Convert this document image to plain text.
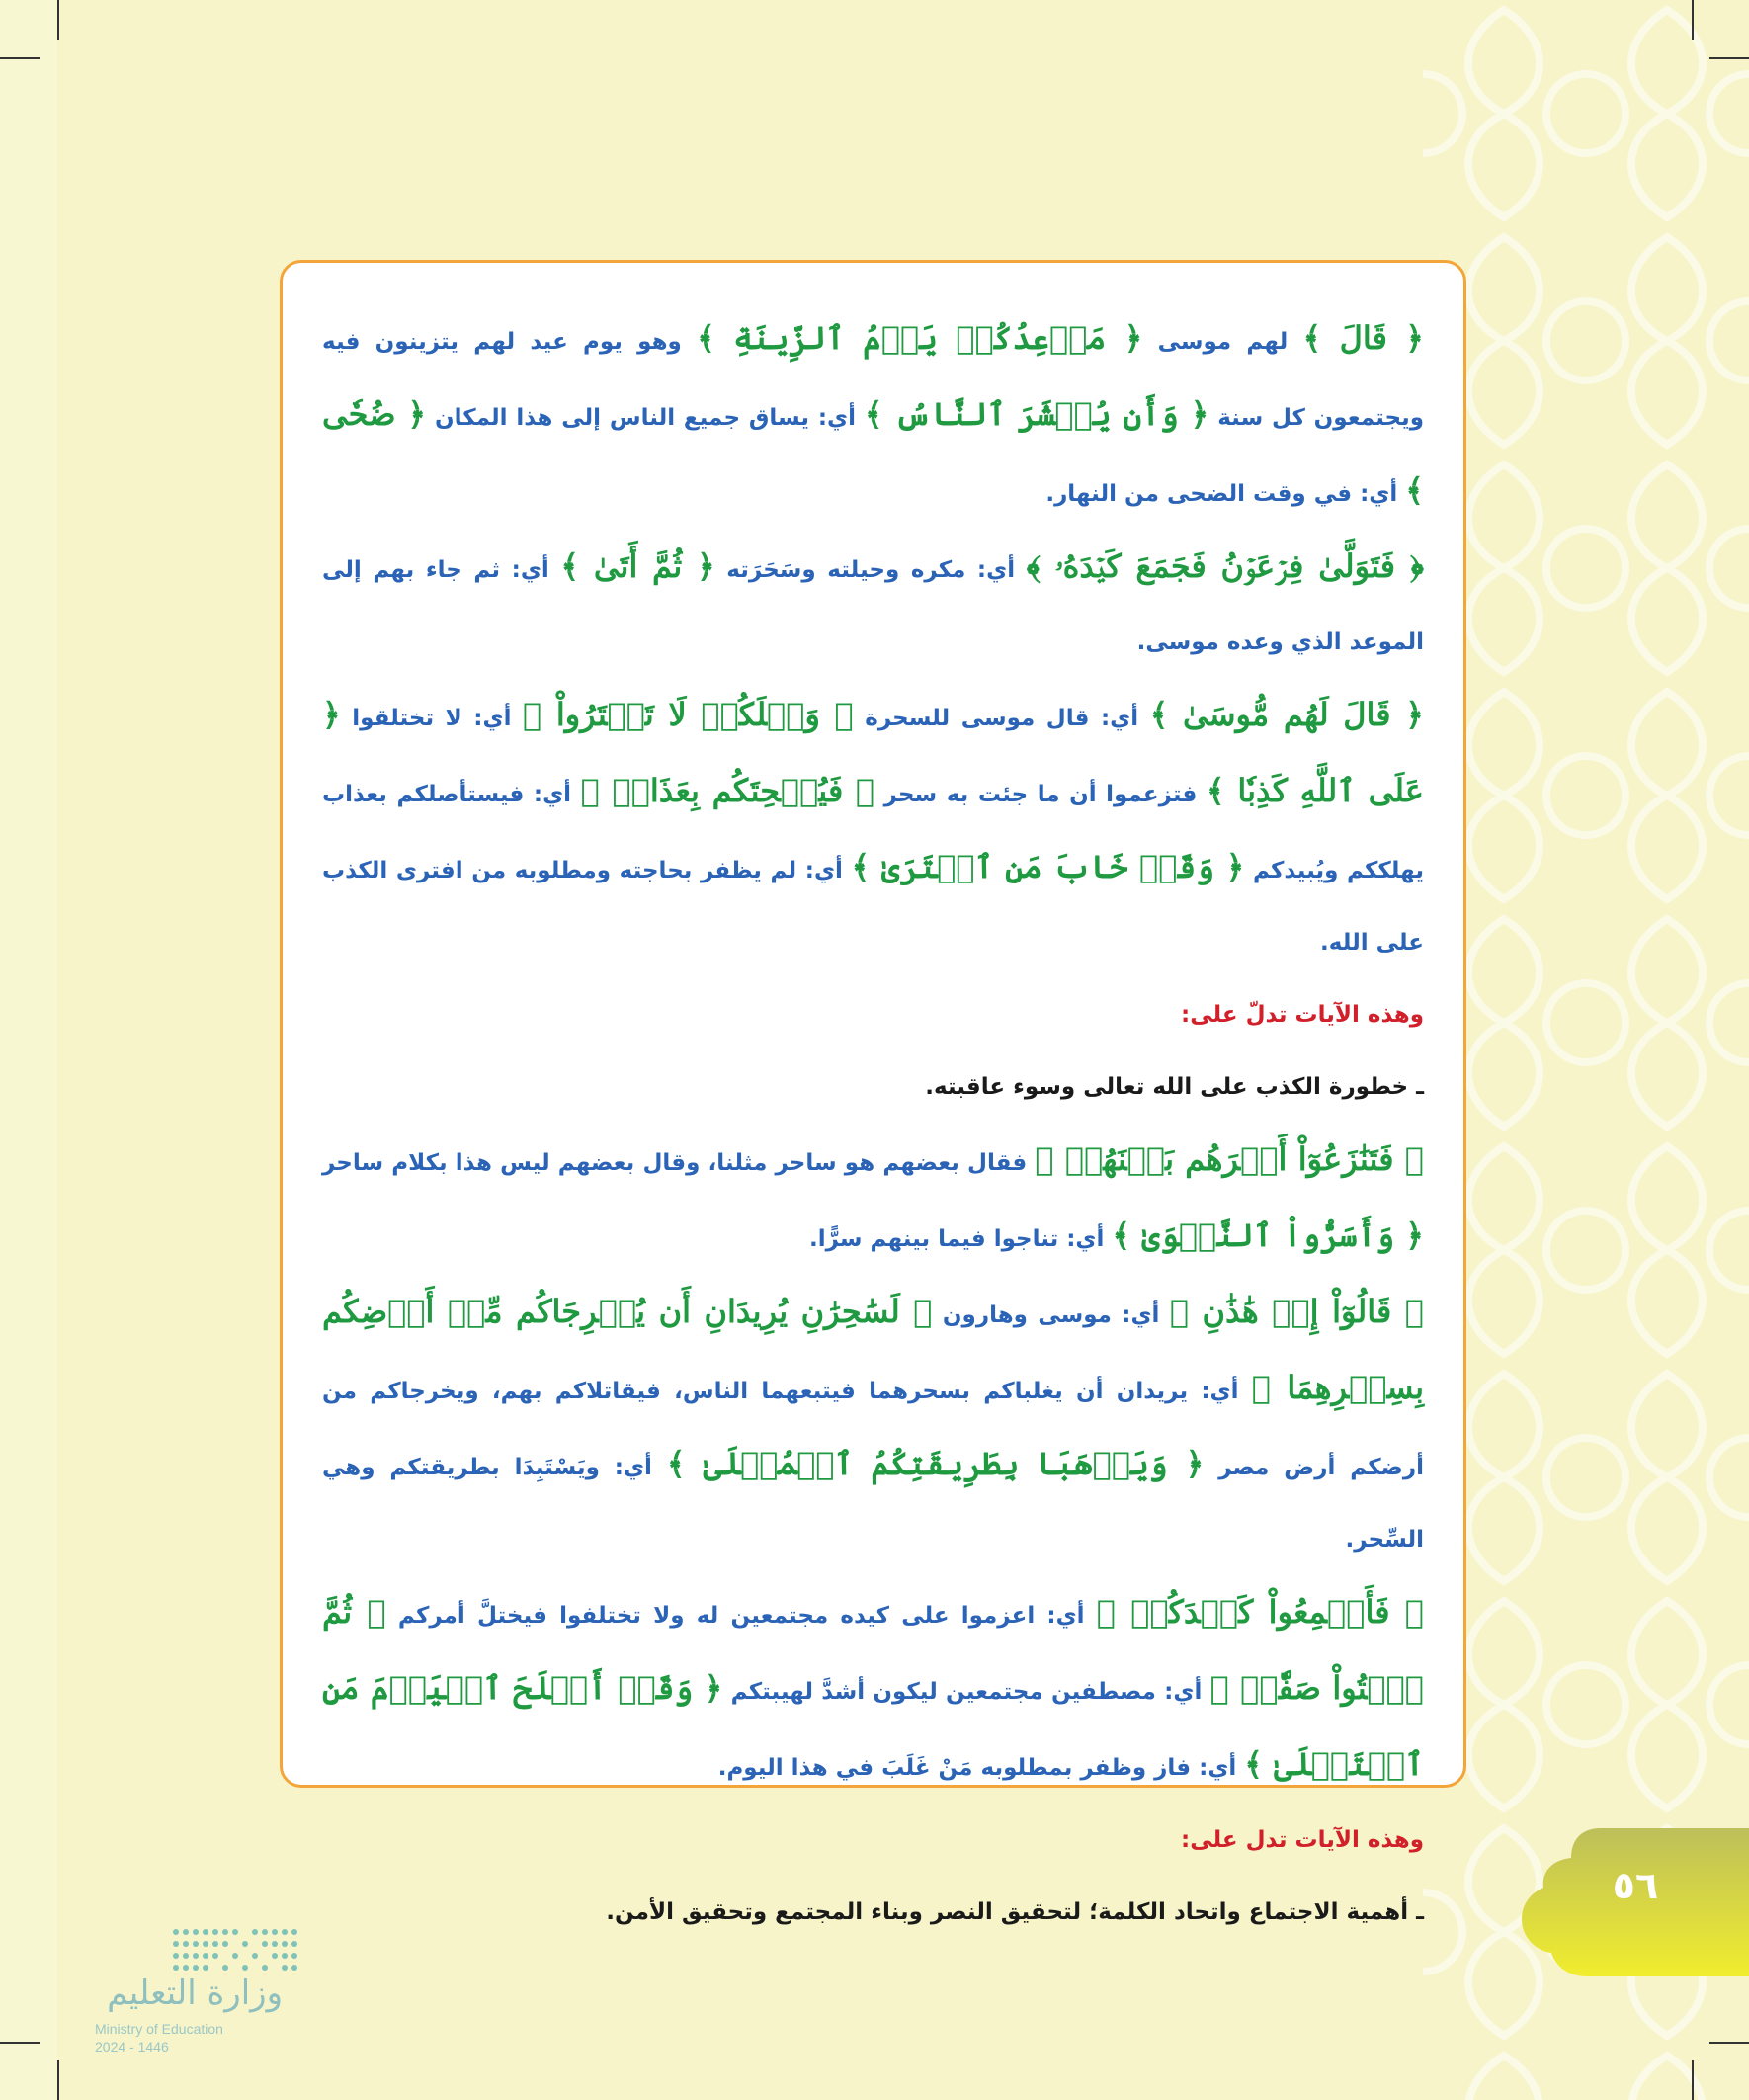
﴿ قَالَ ﴾ لهم موسى ﴿ مَوۡعِدُكُمۡ يَوۡمُ ٱلزِّينَةِ ﴾ وهو يوم عيد لهم يتزينون فيه ويجتمعون كل سنة ﴿ وَأَن يُحۡشَرَ ٱلنَّاسُ ﴾ أي: يساق جميع الناس إلى هذا المكان ﴿ ضُحٗى ﴾ أي: في وقت الضحى من النهار.
﴿ فَتَوَلَّىٰ فِرۡعَوۡنُ فَجَمَعَ كَيۡدَهُۥ ﴾ أي: مكره وحيلته وسَحَرَته ﴿ ثُمَّ أَتَىٰ ﴾ أي: ثم جاء بهم إلى الموعد الذي وعده موسى.
﴿ قَالَ لَهُم مُّوسَىٰ ﴾ أي: قال موسى للسحرة ﴿ وَيۡلَكُمۡ لَا تَفۡتَرُواْ ﴾ أي: لا تختلقوا ﴿ عَلَى ٱللَّهِ كَذِبٗا ﴾ فتزعموا أن ما جئت به سحر ﴿ فَيُسۡحِتَكُم بِعَذَابٖ ﴾ أي: فيستأصلكم بعذاب يهلككم ويُبيدكم ﴿ وَقَدۡ خَابَ مَنِ ٱفۡتَرَىٰ ﴾ أي: لم يظفر بحاجته ومطلوبه من افترى الكذب على الله.
وهذه الآيات تدلّ على:
ـ خطورة الكذب على الله تعالى وسوء عاقبته.
﴿ فَتَنَٰزَعُوٓاْ أَمۡرَهُم بَيۡنَهُمۡ ﴾ فقال بعضهم هو ساحر مثلنا، وقال بعضهم ليس هذا بكلام ساحر ﴿ وَأَسَرُّواْ ٱلنَّجۡوَىٰ ﴾ أي: تناجوا فيما بينهم سرًّا.
﴿ قَالُوٓاْ إِنۡ هَٰذَٰنِ ﴾ أي: موسى وهارون ﴿ لَسَٰحِرَٰنِ يُرِيدَانِ أَن يُخۡرِجَاكُم مِّنۡ أَرۡضِكُم بِسِحۡرِهِمَا ﴾ أي: يريدان أن يغلباكم بسحرهما فيتبعهما الناس، فيقاتلاكم بهم، ويخرجاكم من أرضكم أرض مصر ﴿ وَيَذۡهَبَا بِطَرِيقَتِكُمُ ٱلۡمُثۡلَىٰ ﴾ أي: ويَسْتَبِدَا بطريقتكم وهي السِّحر.
﴿ فَأَجۡمِعُواْ كَيۡدَكُمۡ ﴾ أي: اعزموا على كيده مجتمعين له ولا تختلفوا فيختلَّ أمركم ﴿ ثُمَّ ٱئۡتُواْ صَفّٗاۚ ﴾ أي: مصطفين مجتمعين ليكون أشدَّ لهيبتكم ﴿ وَقَدۡ أَفۡلَحَ ٱلۡيَوۡمَ مَنِ ٱسۡتَعۡلَىٰ ﴾ أي: فاز وظفر بمطلوبه مَنْ غَلَبَ في هذا اليوم.
وهذه الآيات تدل على:
ـ أهمية الاجتماع واتحاد الكلمة؛ لتحقيق النصر وبناء المجتمع وتحقيق الأمن.
وزارة التعليم
Ministry of Education
2024 - 1446
٥٦
